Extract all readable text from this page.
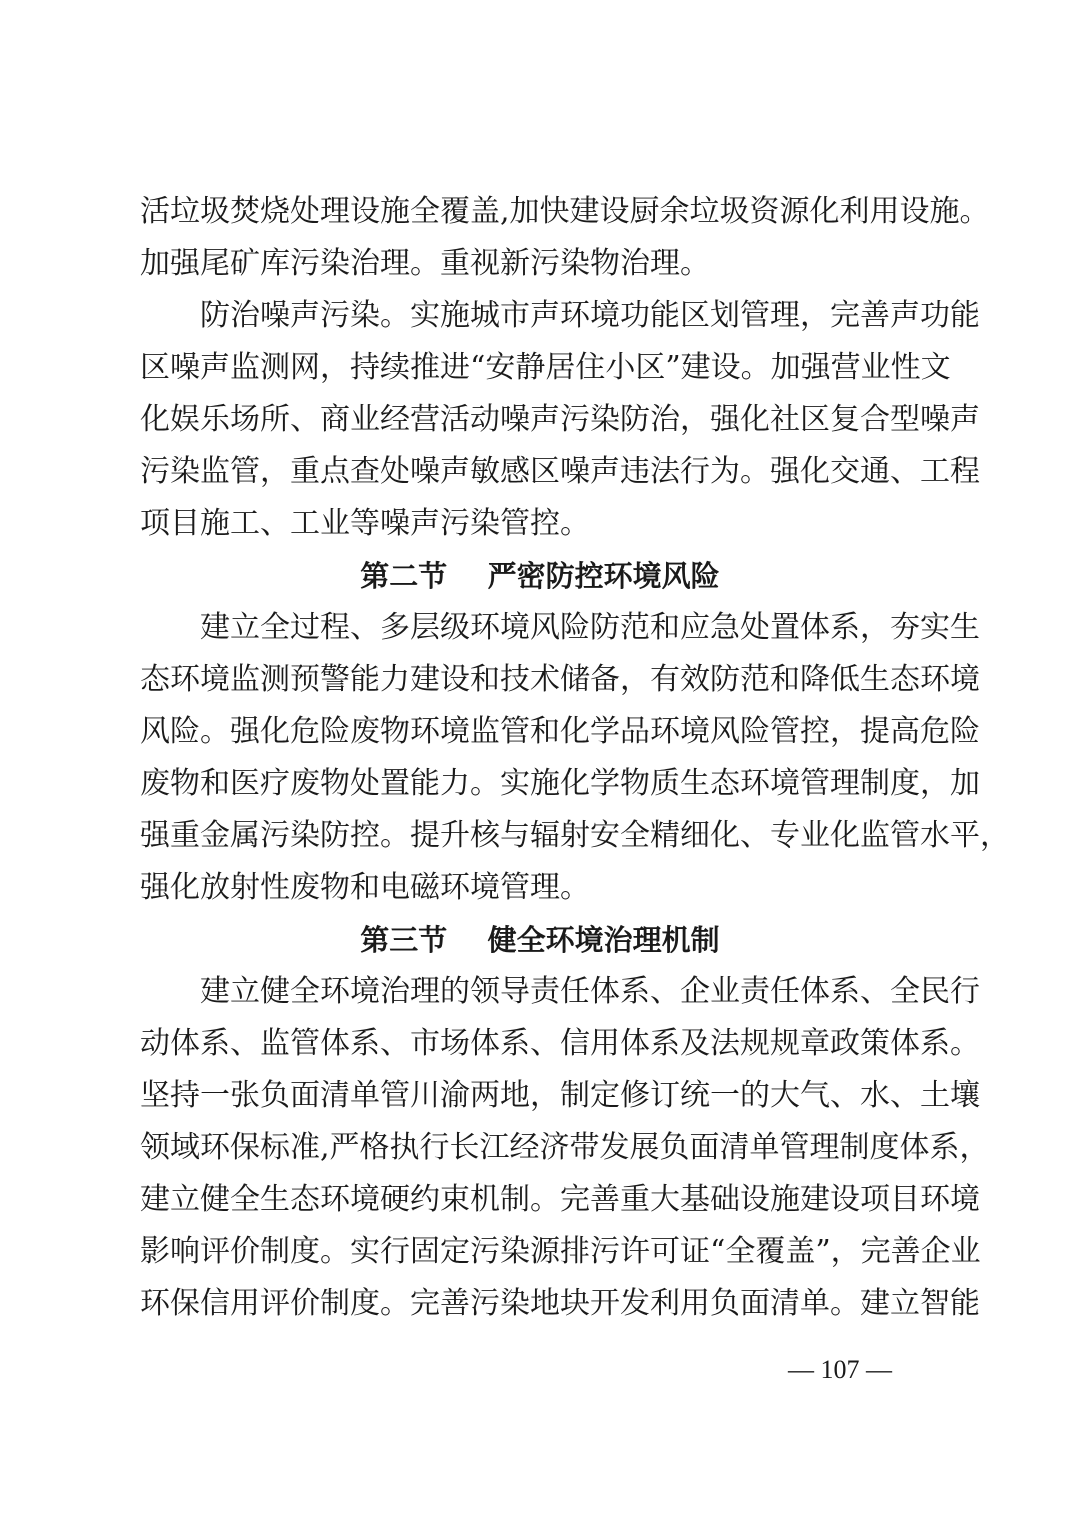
活垃圾焚烧处理设施全覆盖,加快建设厨余垃圾资源化利用设施。
加强尾矿库污染治理。重视新污染物治理。
防治噪声污染。实施城市声环境功能区划管理，完善声功能
区噪声监测网，持续推进“安静居住小区”建设。加强营业性文
化娱乐场所、商业经营活动噪声污染防治，强化社区复合型噪声
污染监管，重点查处噪声敏感区噪声违法行为。强化交通、工程
项目施工、工业等噪声污染管控。
第二节    严密防控环境风险
建立全过程、多层级环境风险防范和应急处置体系，夯实生
态环境监测预警能力建设和技术储备，有效防范和降低生态环境
风险。强化危险废物环境监管和化学品环境风险管控，提高危险
废物和医疗废物处置能力。实施化学物质生态环境管理制度，加
强重金属污染防控。提升核与辐射安全精细化、专业化监管水平，
强化放射性废物和电磁环境管理。
第三节    健全环境治理机制
建立健全环境治理的领导责任体系、企业责任体系、全民行
动体系、监管体系、市场体系、信用体系及法规规章政策体系。
坚持一张负面清单管川渝两地，制定修订统一的大气、水、土壤
领域环保标准,严格执行长江经济带发展负面清单管理制度体系，
建立健全生态环境硬约束机制。完善重大基础设施建设项目环境
影响评价制度。实行固定污染源排污许可证“全覆盖”，完善企业
环保信用评价制度。完善污染地块开发利用负面清单。建立智能
— 107 —
